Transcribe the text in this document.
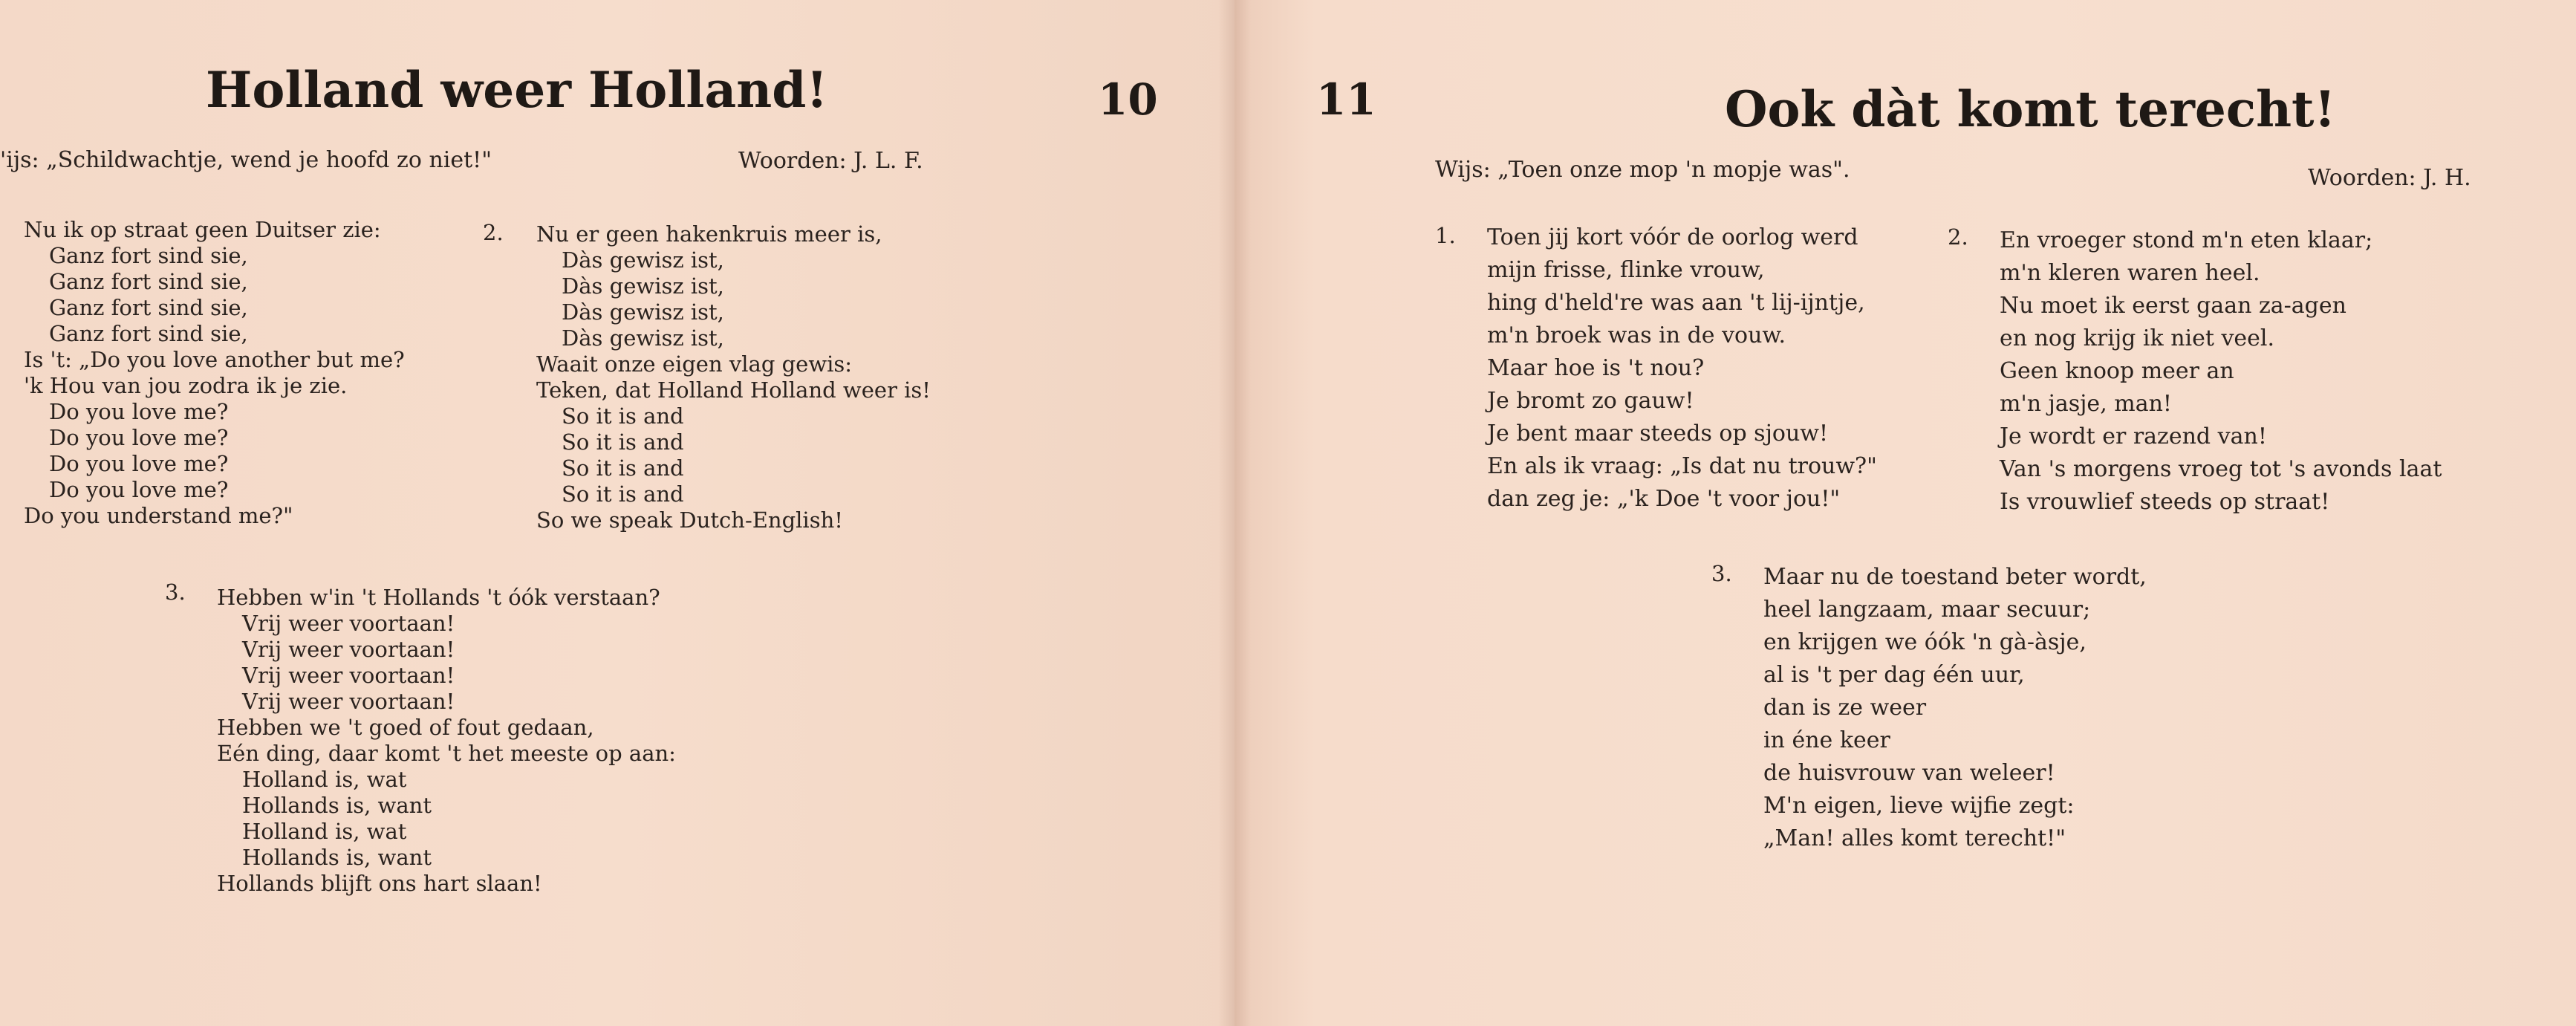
Holland weer Holland!	10
'ijs: „Schildwachtje, wend je hoofd zo niet!"	Woorden: J. L. F.
Nu ik op straat geen Duitser zie:
Ganz fort sind sie,
Ganz fort sind sie,
Ganz fort sind sie,
Ganz fort sind sie,
Is 't: „Do you love another but me?
'k Hou van jou zodra ik je zie.
Do you love me?
Do you love me?
Do you love me?
Do you love me?
Do you understand me?"
2. Nu er geen hakenkruis meer is,
Dàs gewisz ist,
Dàs gewisz ist,
Dàs gewisz ist,
Dàs gewisz ist,
Waait onze eigen vlag gewis:
Teken, dat Holland Holland weer is!
So it is and
So it is and
So it is and
So it is and
So we speak Dutch-English!
3. Hebben w'in 't Hollands 't óók verstaan?
Vrij weer voortaan!
Vrij weer voortaan!
Vrij weer voortaan!
Vrij weer voortaan!
Hebben we 't goed of fout gedaan,
Eén ding, daar komt 't het meeste op aan:
Holland is, wat
Hollands is, want
Holland is, wat
Hollands is, want
Hollands blijft ons hart slaan!
11	Ook dàt komt terecht!
Wijs: „Toen onze mop 'n mopje was".	Woorden: J. H.
1. Toen jij kort vóór de oorlog werd
mijn frisse, flinke vrouw,
hing d'held're was aan 't lij-ijntje,
m'n broek was in de vouw.
Maar hoe is 't nou?
Je bromt zo gauw!
Je bent maar steeds op sjouw!
En als ik vraag: „Is dat nu trouw?"
dan zeg je: „'k Doe 't voor jou!"
2. En vroeger stond m'n eten klaar;
m'n kleren waren heel.
Nu moet ik eerst gaan za-agen
en nog krijg ik niet veel.
Geen knoop meer an
m'n jasje, man!
Je wordt er razend van!
Van 's morgens vroeg tot 's avonds laat
Is vrouwlief steeds op straat!
3. Maar nu de toestand beter wordt,
heel langzaam, maar secuur;
en krijgen we óók 'n gà-àsje,
al is 't per dag één uur,
dan is ze weer
in éne keer
de huisvrouw van weleer!
M'n eigen, lieve wijfie zegt:
„Man! alles komt terecht!"
